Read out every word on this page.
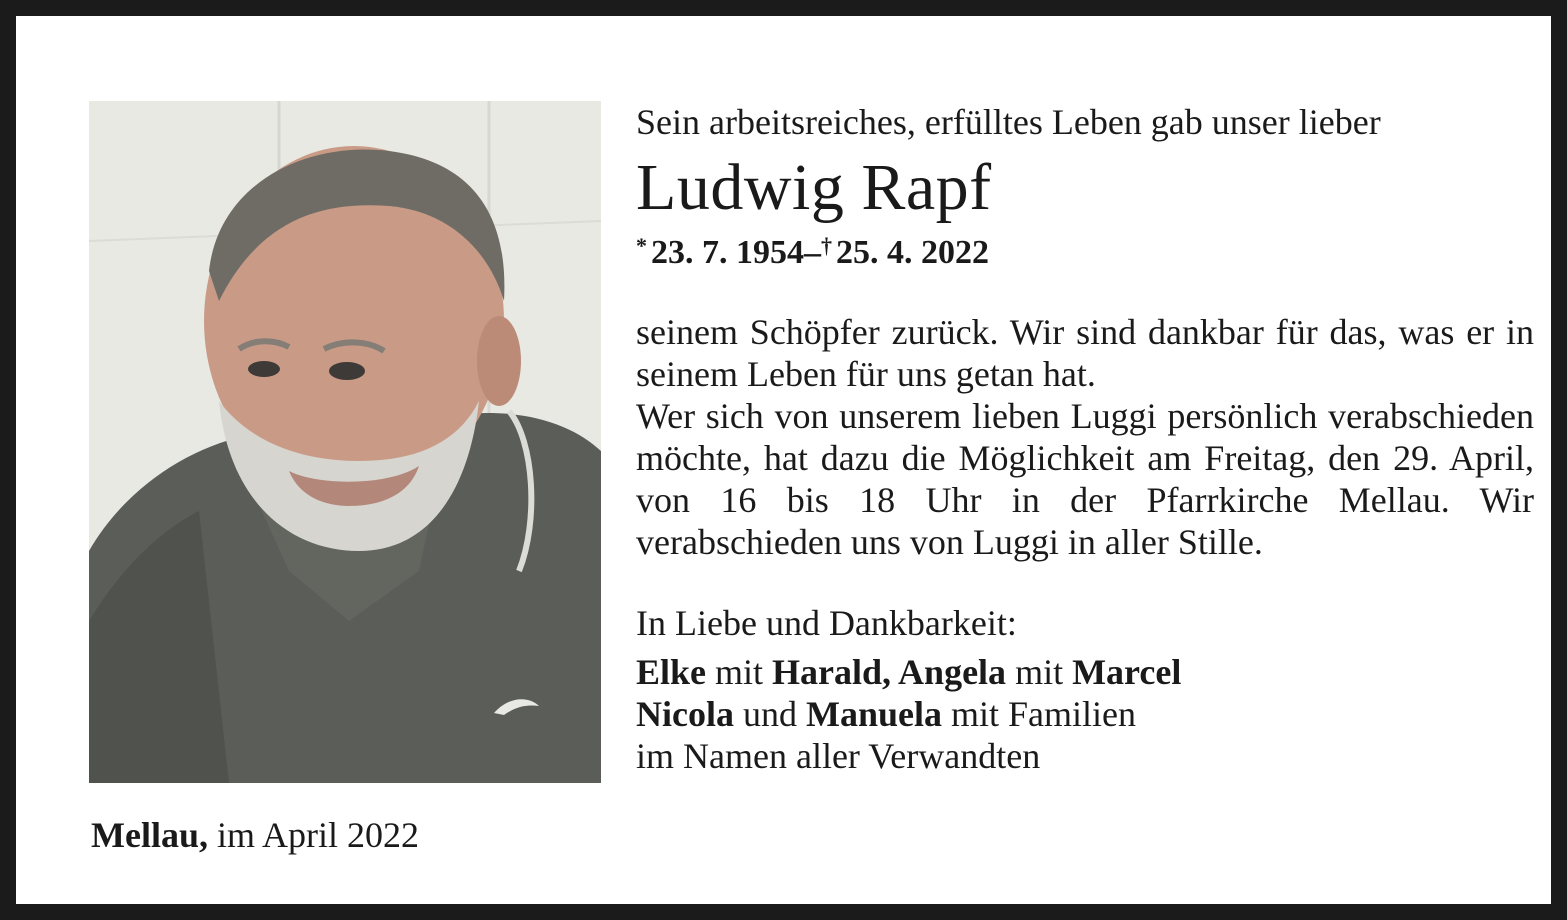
Sein arbeitsreiches, erfülltes Leben gab unser lieber
Ludwig Rapf
* 23. 7. 1954–† 25. 4. 2022

seinem Schöpfer zurück. Wir sind dankbar für das, was er in seinem Leben für uns getan hat.

Wer sich von unserem lieben Luggi persönlich verabschieden möchte, hat dazu die Möglichkeit am Freitag, den 29. April, von 16 bis 18 Uhr in der Pfarrkirche Mellau. Wir verabschieden uns von Luggi in aller Stille.

In Liebe und Dankbarkeit:
Elke mit Harald, Angela mit Marcel
Nicola und Manuela mit Familien
im Namen aller Verwandten
Mellau, im April 2022
